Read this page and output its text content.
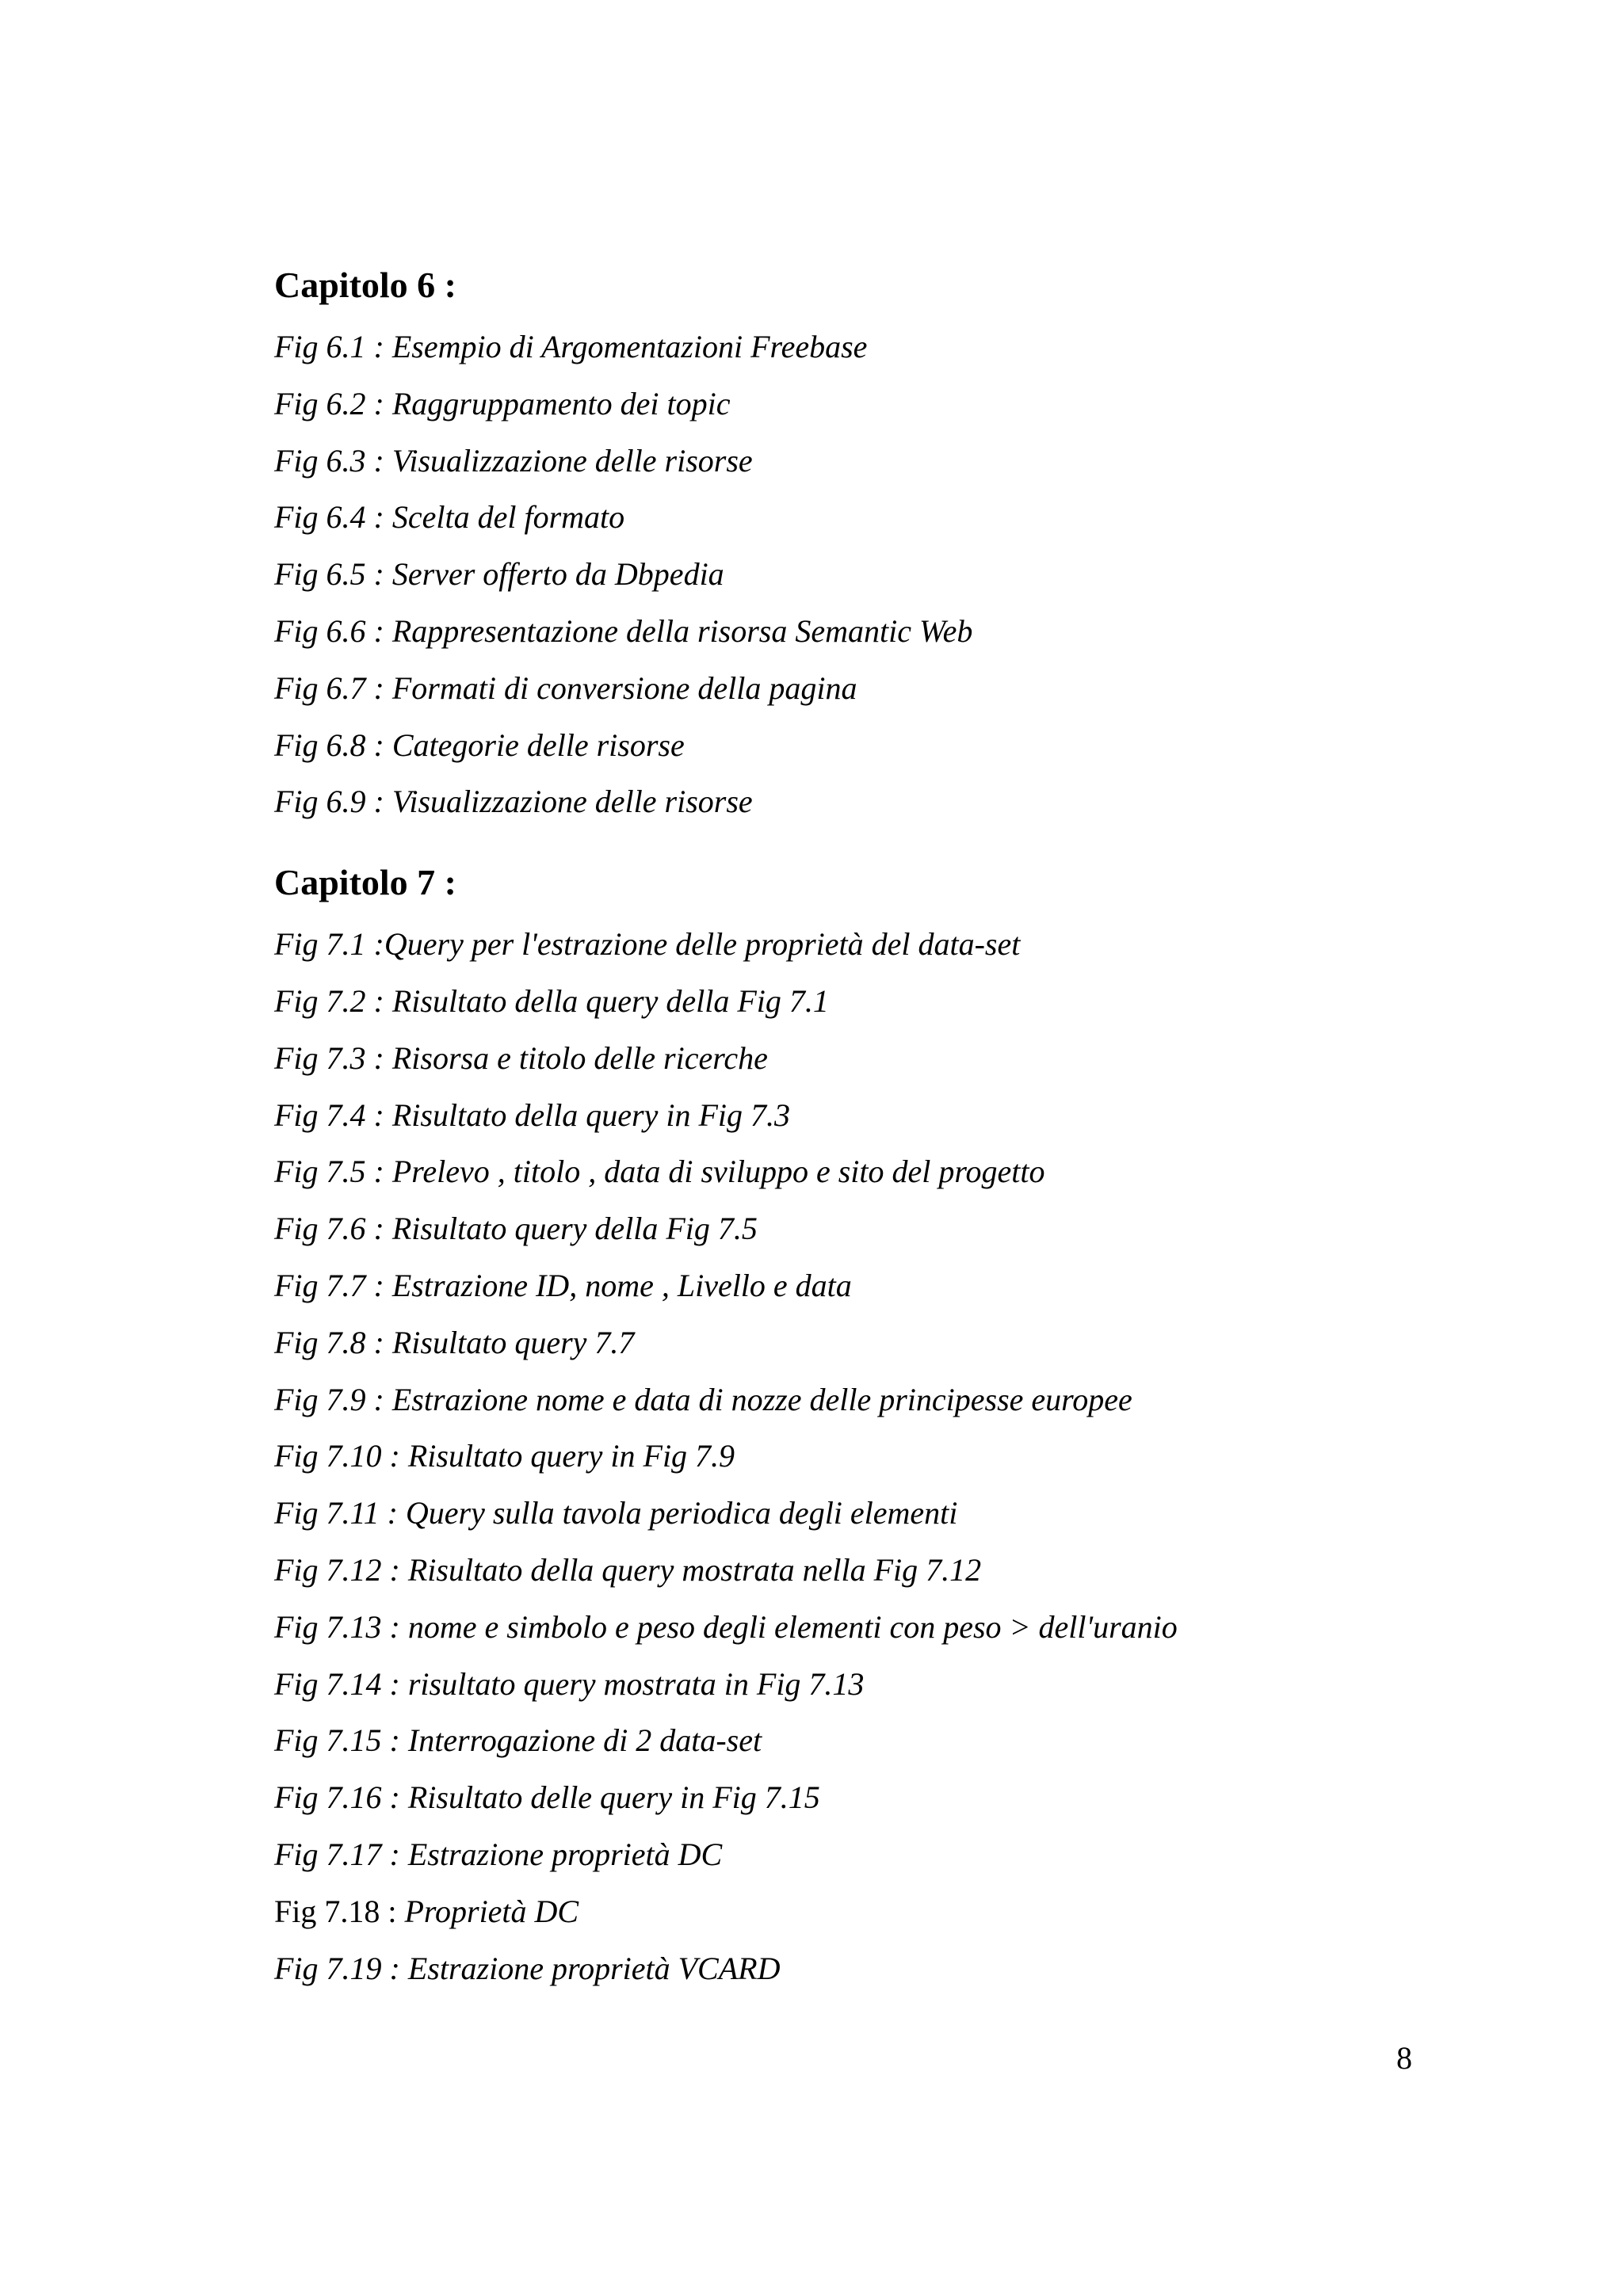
Capitolo 6 :
Fig 6.1 : Esempio di Argomentazioni Freebase
Fig 6.2 : Raggruppamento dei topic
Fig 6.3 : Visualizzazione delle risorse
Fig 6.4 : Scelta del formato
Fig 6.5 : Server offerto da Dbpedia
Fig 6.6 : Rappresentazione della risorsa Semantic Web
Fig 6.7 : Formati di conversione della pagina
Fig 6.8 : Categorie delle risorse
Fig 6.9 : Visualizzazione delle risorse
Capitolo 7 :
Fig 7.1 :Query per l'estrazione delle proprietà del data-set
Fig 7.2 : Risultato della query della Fig 7.1
Fig 7.3 : Risorsa e titolo delle ricerche
Fig 7.4 : Risultato della query in Fig 7.3
Fig 7.5 : Prelevo , titolo , data di sviluppo e sito del progetto
Fig 7.6 : Risultato query della Fig 7.5
Fig 7.7 : Estrazione ID, nome , Livello e data
Fig 7.8 : Risultato query 7.7
Fig 7.9 : Estrazione nome e data di nozze delle principesse europee
Fig 7.10 : Risultato query in Fig 7.9
Fig 7.11 : Query sulla tavola periodica degli elementi
Fig 7.12 : Risultato della query mostrata nella Fig 7.12
Fig 7.13 : nome e simbolo e peso degli elementi con peso > dell'uranio
Fig 7.14 : risultato query mostrata in Fig 7.13
Fig 7.15 : Interrogazione di 2 data-set
Fig 7.16 : Risultato delle query in Fig 7.15
Fig 7.17 : Estrazione proprietà DC
Fig 7.18 : Proprietà DC
Fig 7.19 : Estrazione proprietà VCARD
8
